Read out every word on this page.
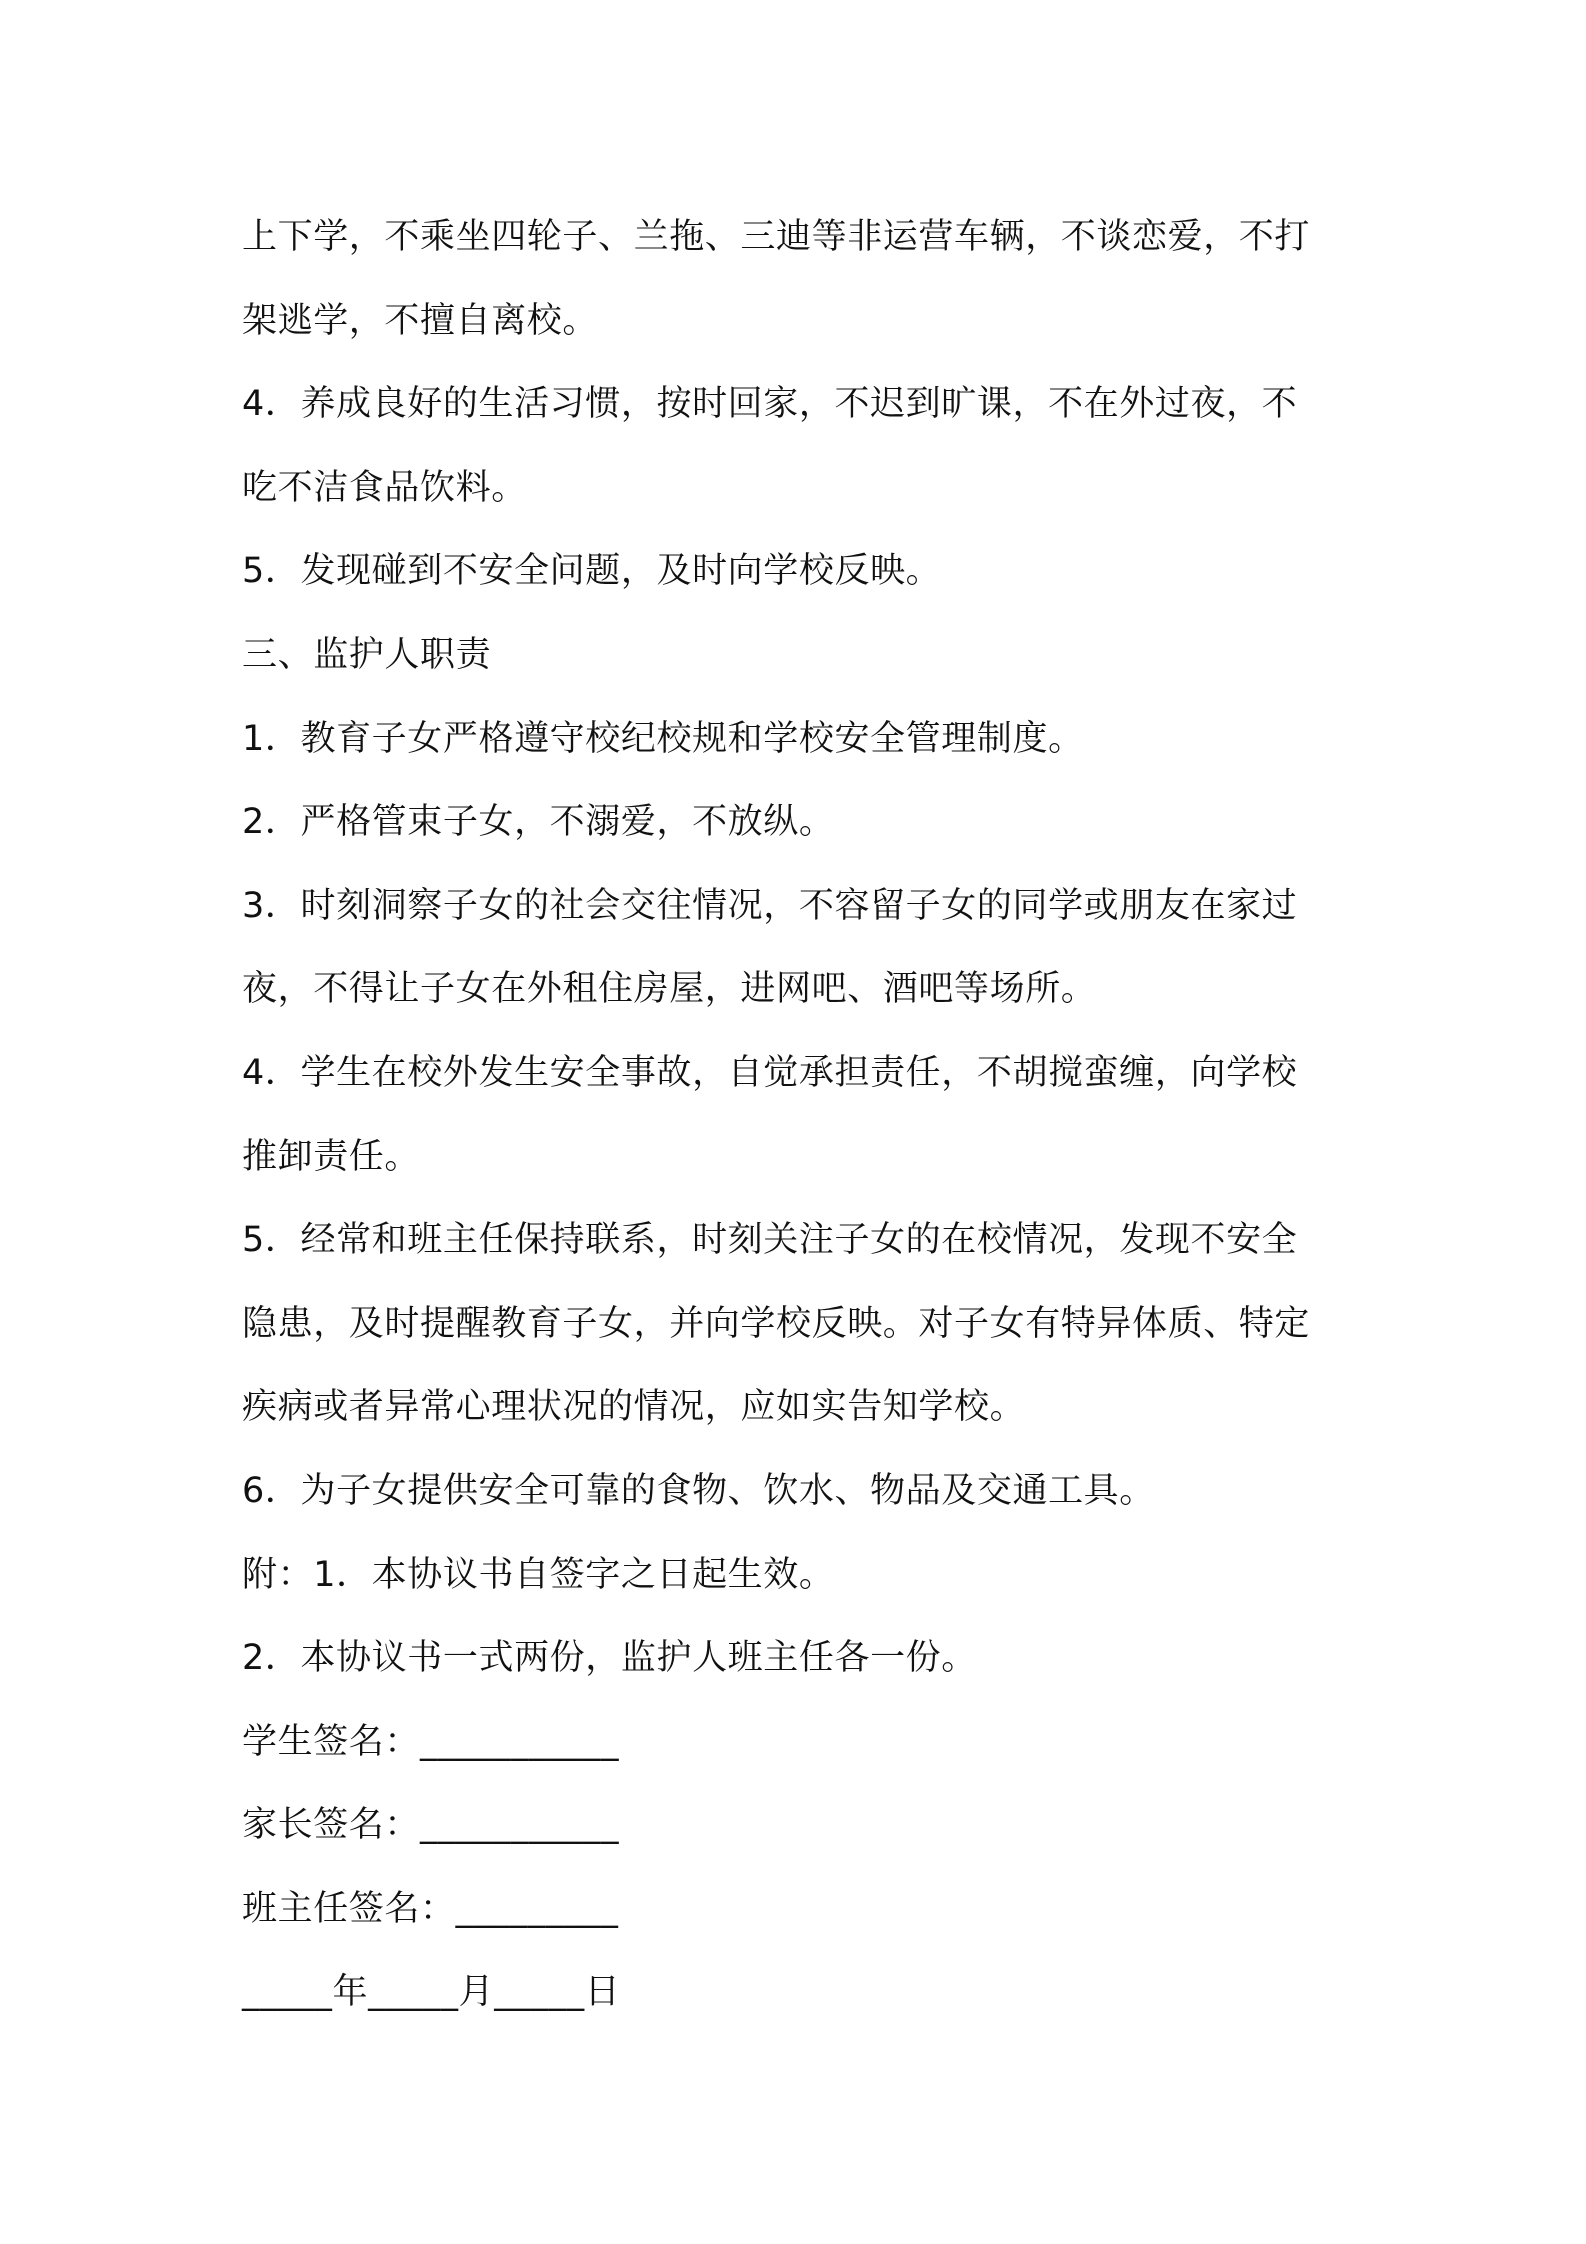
上下学，不乘坐四轮子、兰拖、三迪等非运营车辆，不谈恋爱，不打
架逃学，不擅自离校。
4．养成良好的生活习惯，按时回家，不迟到旷课，不在外过夜，不
吃不洁食品饮料。
5．发现碰到不安全问题，及时向学校反映。
三、监护人职责
1．教育子女严格遵守校纪校规和学校安全管理制度。
2．严格管束子女，不溺爱，不放纵。
3．时刻洞察子女的社会交往情况，不容留子女的同学或朋友在家过
夜，不得让子女在外租住房屋，进网吧、酒吧等场所。
4．学生在校外发生安全事故，自觉承担责任，不胡搅蛮缠，向学校
推卸责任。
5．经常和班主任保持联系，时刻关注子女的在校情况，发现不安全
隐患，及时提醒教育子女，并向学校反映。对子女有特异体质、特定
疾病或者异常心理状况的情况，应如实告知学校。
6．为子女提供安全可靠的食物、饮水、物品及交通工具。
附：1．本协议书自签字之日起生效。
2．本协议书一式两份，监护人班主任各一份。
学生签名：___________
家长签名：___________
班主任签名：_________
_____年_____月_____日
